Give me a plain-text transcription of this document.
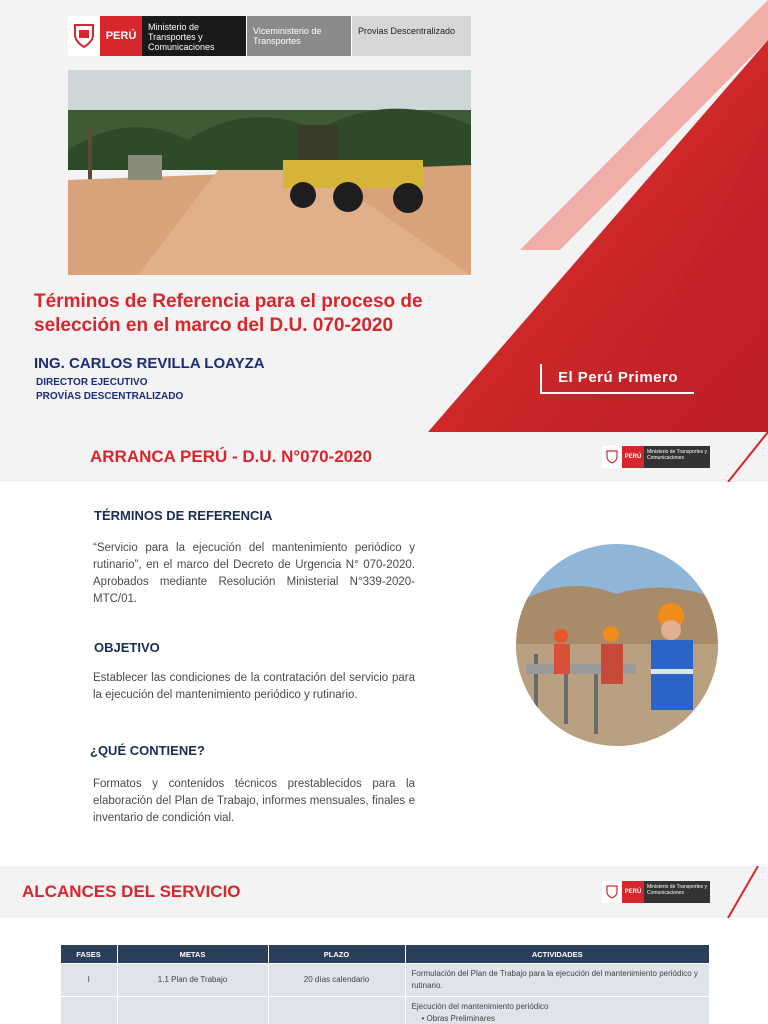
PERÚ
Ministerio de Transportes y Comunicaciones
Viceministerio de Transportes
Provias Descentralizado
Términos de Referencia para el proceso de selección en el marco del D.U. 070-2020
ING. CARLOS REVILLA LOAYZA
DIRECTOR EJECUTIVO
PROVÍAS DESCENTRALIZADO
El Perú Primero
ARRANCA PERÚ - D.U. N°070-2020	PERÚ
Ministerio de Transportes y Comunicaciones
TÉRMINOS DE REFERENCIA
“Servicio para la ejecución del mantenimiento periódico y rutinario”, en el marco del Decreto de Urgencia N° 070-2020. Aprobados mediante Resolución Ministerial N°339-2020-MTC/01.
OBJETIVO
Establecer las condiciones de la contratación del servicio para la ejecución del mantenimiento periódico y rutinario.
¿QUÉ CONTIENE?
Formatos y contenidos técnicos prestablecidos para la elaboración del Plan de Trabajo, informes mensuales, finales e inventario de condición vial.
ALCANCES DEL SERVICIO	PERÚ
Ministerio de Transportes y Comunicaciones
FASES	METAS	PLAZO	ACTIVIDADES
I	1.1 Plan de Trabajo	20 días calendario	Formulación del Plan de Trabajo para la ejecución del mantenimiento periódico y rutinario.

			Ejecución del mantenimiento periódico
• Obras Preliminares
